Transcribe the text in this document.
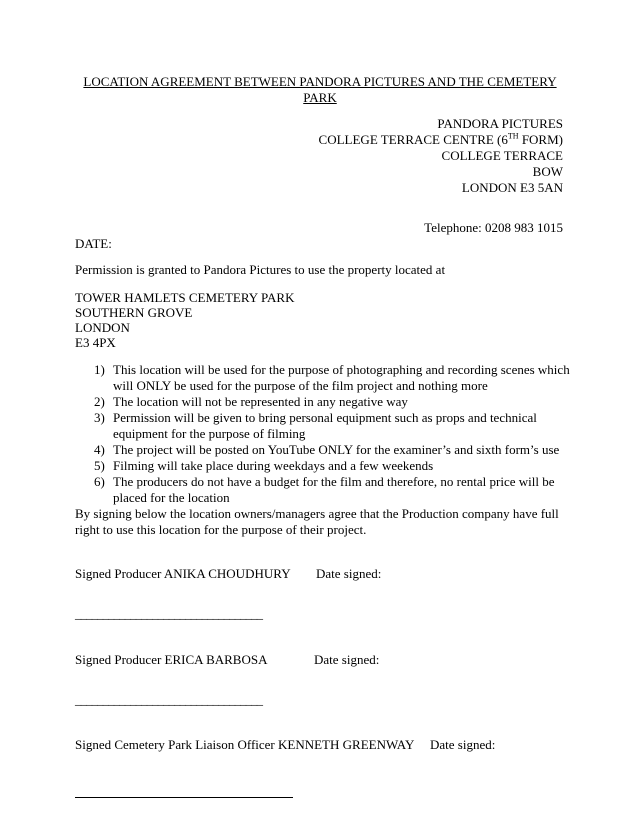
LOCATION AGREEMENT BETWEEN PANDORA PICTURES AND THE CEMETERY
PARK
PANDORA PICTURES
COLLEGE TERRACE CENTRE (6TH FORM)
COLLEGE TERRACE
BOW
LONDON E3 5AN
Telephone: 0208 983 1015
DATE:
Permission is granted to Pandora Pictures to use the property located at
TOWER HAMLETS CEMETERY PARK
SOUTHERN GROVE
LONDON
E3 4PX
1) This location will be used for the purpose of photographing and recording scenes which
will ONLY be used for the purpose of the film project and nothing more
2) The location will not be represented in any negative way
3) Permission will be given to bring personal equipment such as props and technical
equipment for the purpose of filming
4) The project will be posted on YouTube ONLY for the examiner’s and sixth form’s use
5) Filming will take place during weekdays and a few weekends
6) The producers do not have a budget for the film and therefore, no rental price will be
placed for the location
By signing below the location owners/managers agree that the Production company have full
right to use this location for the purpose of their project.
Signed Producer ANIKA CHOUDHURY Date signed:
__________________________________
Signed Producer ERICA BARBOSA	Date signed:
__________________________________
Signed Cemetery Park Liaison Officer KENNETH GREENWAY Date signed:
